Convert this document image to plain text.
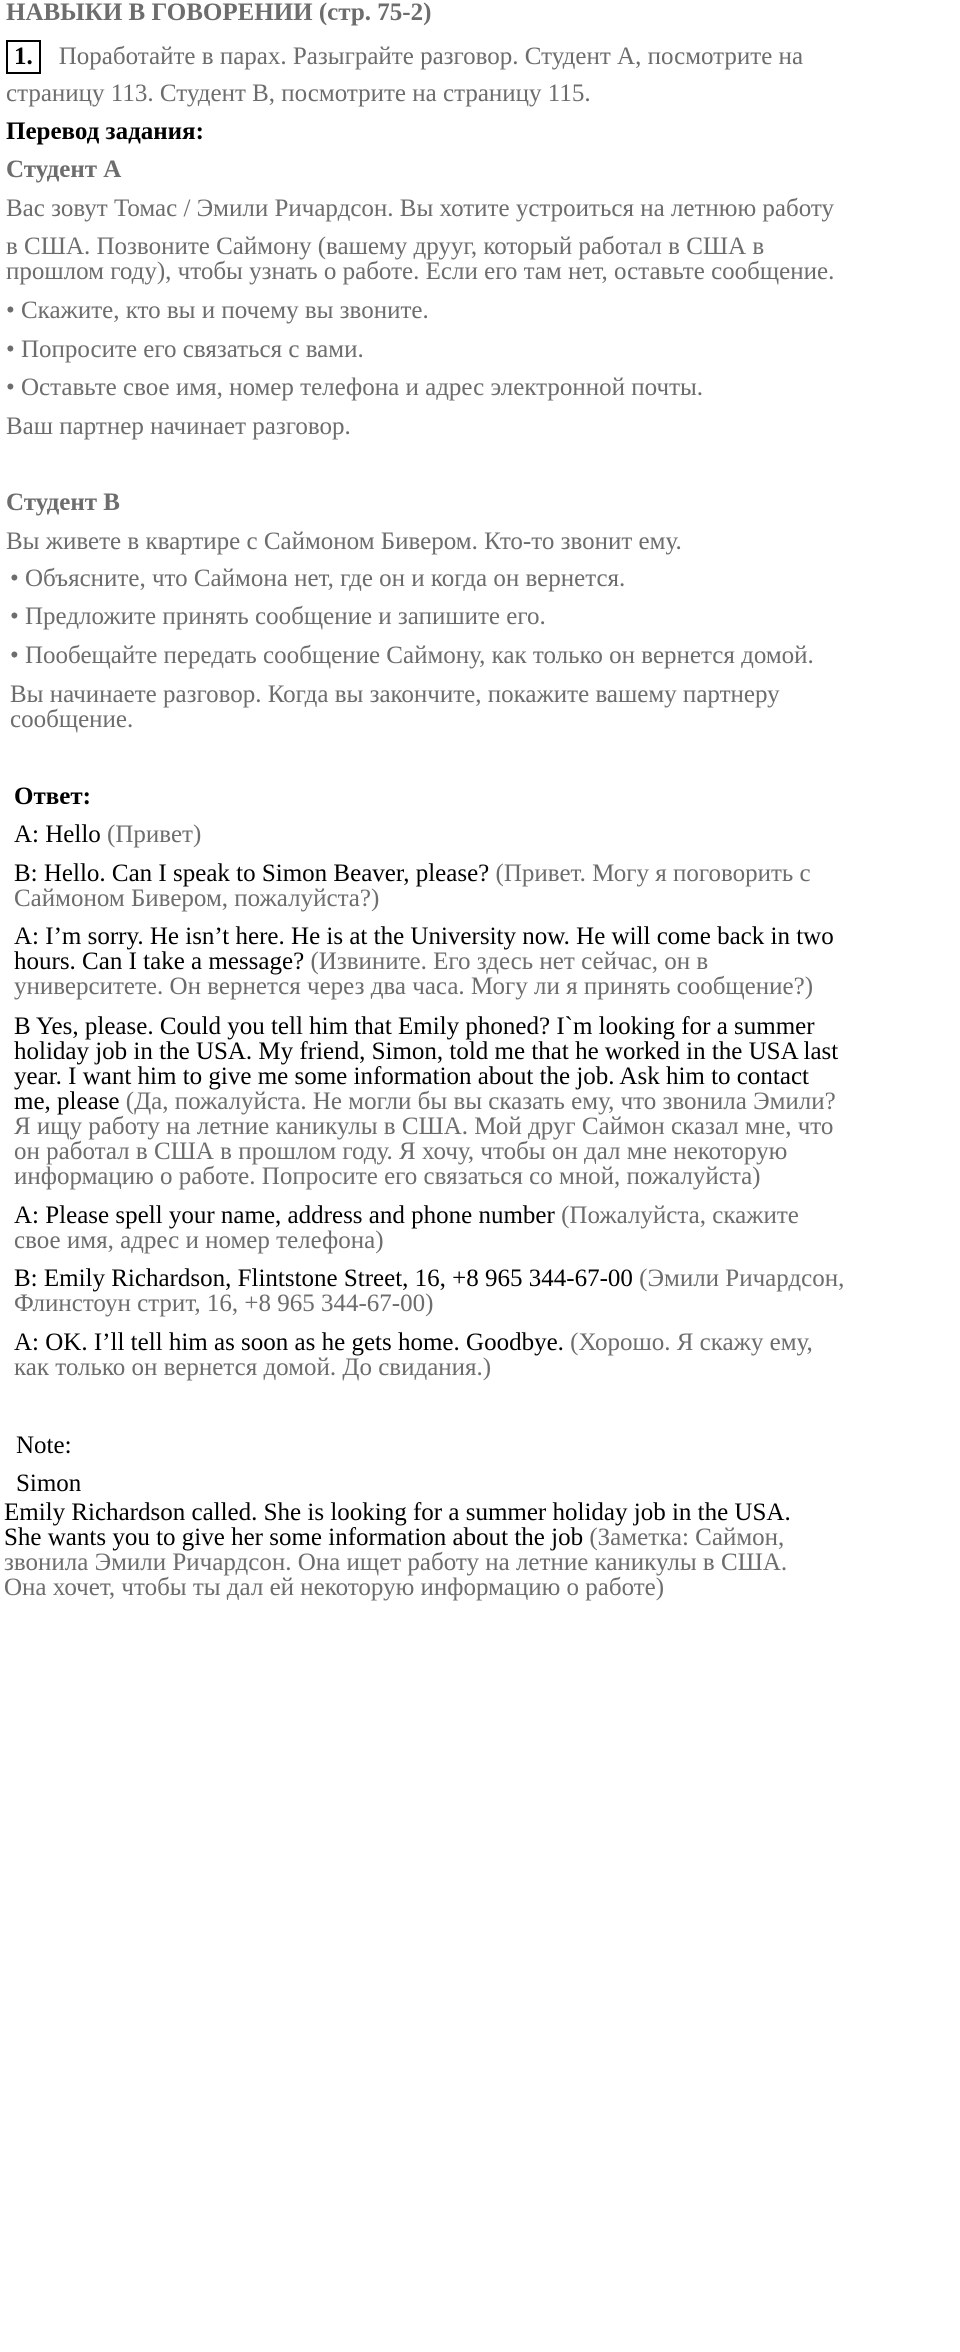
НАВЫКИ В ГОВОРЕНИИ (стр. 75-2)

1. Поработайте в парах. Разыграйте разговор. Студент А, посмотрите на

страницу 113. Студент В, посмотрите на страницу 115.

Перевод задания:

Студент А

Вас зовут Томас / Эмили Ричардсон. Вы хотите устроиться на летнюю работу

в США. Позвоните Саймону (вашему друуг, который работал в США в

прошлом году), чтобы узнать о работе. Если его там нет, оставьте сообщение.

• Скажите, кто вы и почему вы звоните.

• Попросите его связаться с вами.

• Оставьте свое имя, номер телефона и адрес электронной почты.

Ваш партнер начинает разговор.

Студент В

Вы живете в квартире с Саймоном Бивером. Кто-то звонит ему.

• Объясните, что Саймона нет, где он и когда он вернется.

• Предложите принять сообщение и запишите его.

• Пообещайте передать сообщение Саймону, как только он вернется домой.

Вы начинаете разговор. Когда вы закончите, покажите вашему партнеру

сообщение.

Ответ:

A: Hello (Привет)

B: Hello. Can I speak to Simon Beaver, please? (Привет. Могу я поговорить с

Саймоном Бивером, пожалуйста?)

A: I’m sorry. He isn’t here. He is at the University now. He will come back in two

hours. Can I take a message? (Извините. Его здесь нет сейчас, он в

университете. Он вернется через два часа. Могу ли я принять сообщение?)

B Yes, please. Could you tell him that Emily phoned? I`m looking for a summer

holiday job in the USA. My friend, Simon, told me that he worked in the USA last

year. I want him to give me some information about the job. Ask him to contact

me, please (Да, пожалуйста. Не могли бы вы сказать ему, что звонила Эмили?

Я ищу работу на летние каникулы в США. Мой друг Саймон сказал мне, что

он работал в США в прошлом году. Я хочу, чтобы он дал мне некоторую

информацию о работе. Попросите его связаться со мной, пожалуйста)

A: Please spell your name, address and phone number (Пожалуйста, скажите

свое имя, адрес и номер телефона)

B: Emily Richardson, Flintstone Street, 16, +8 965 344-67-00 (Эмили Ричардсон,

Флинстоун стрит, 16, +8 965 344-67-00)

A: OK. I’ll tell him as soon as he gets home. Goodbye. (Хорошо. Я скажу ему,

как только он вернется домой. До свидания.)

Note:

Simon

Emily Richardson called. She is looking for a summer holiday job in the USA.

She wants you to give her some information about the job (Заметка: Саймон,

звонила Эмили Ричардсон. Она ищет работу на летние каникулы в США.

Она хочет, чтобы ты дал ей некоторую информацию о работе)
